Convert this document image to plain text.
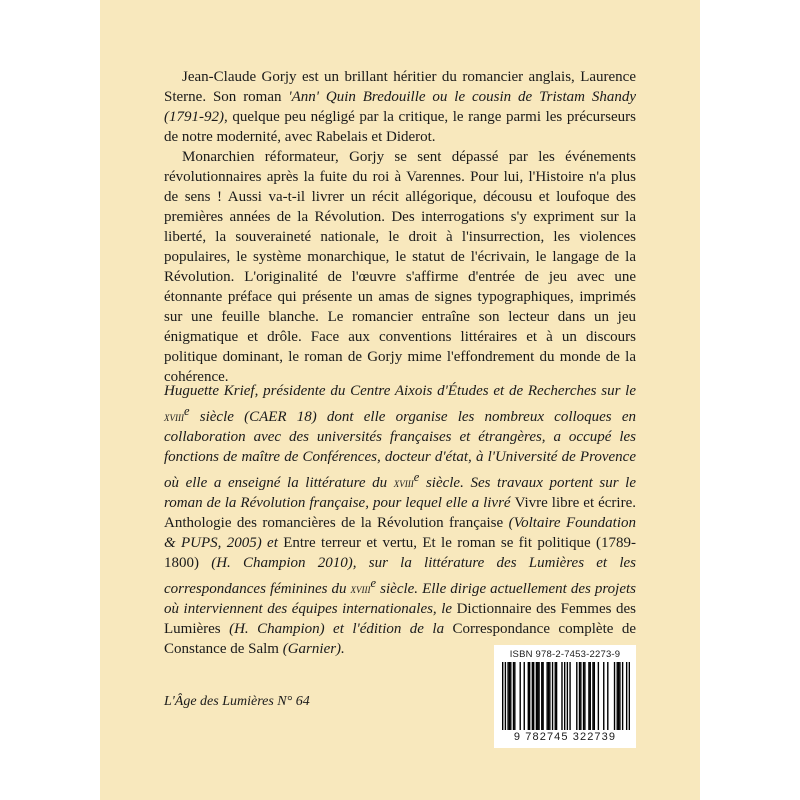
Jean-Claude Gorjy est un brillant héritier du romancier anglais, Laurence Sterne. Son roman 'Ann' Quin Bredouille ou le cousin de Tristam Shandy (1791-92), quelque peu négligé par la critique, le range parmi les précurseurs de notre modernité, avec Rabelais et Diderot.

Monarchien réformateur, Gorjy se sent dépassé par les événements révolutionnaires après la fuite du roi à Varennes. Pour lui, l'Histoire n'a plus de sens ! Aussi va-t-il livrer un récit allégorique, décousu et loufoque des premières années de la Révolution. Des interrogations s'y expriment sur la liberté, la souveraineté nationale, le droit à l'insurrection, les violences populaires, le système monarchique, le statut de l'écrivain, le langage de la Révolution. L'originalité de l'œuvre s'affirme d'entrée de jeu avec une étonnante préface qui présente un amas de signes typographiques, imprimés sur une feuille blanche. Le romancier entraîne son lecteur dans un jeu énigmatique et drôle. Face aux conventions littéraires et à un discours politique dominant, le roman de Gorjy mime l'effondrement du monde de la cohérence.

Huguette Krief, présidente du Centre Aixois d'Études et de Recherches sur le xviii$^e$ siècle (CAER 18) dont elle organise les nombreux colloques en collaboration avec des universités françaises et étrangères, a occupé les fonctions de maître de Conférences, docteur d'état, à l'Université de Provence où elle a enseigné la littérature du xviii$^e$ siècle. Ses travaux portent sur le roman de la Révolution française, pour lequel elle a livré Vivre libre et écrire. Anthologie des romancières de la Révolution française (Voltaire Foundation & PUPS, 2005) et Entre terreur et vertu, Et le roman se fit politique (1789-1800) (H. Champion 2010), sur la littérature des Lumières et les correspondances féminines du xviii$^e$ siècle. Elle dirige actuellement des projets où interviennent des équipes internationales, le Dictionnaire des Femmes des Lumières (H. Champion) et l'édition de la Correspondance complète de Constance de Salm (Garnier).

L'Âge des Lumières N° 64
ISBN 978-2-7453-2273-9
9 782745 322739
